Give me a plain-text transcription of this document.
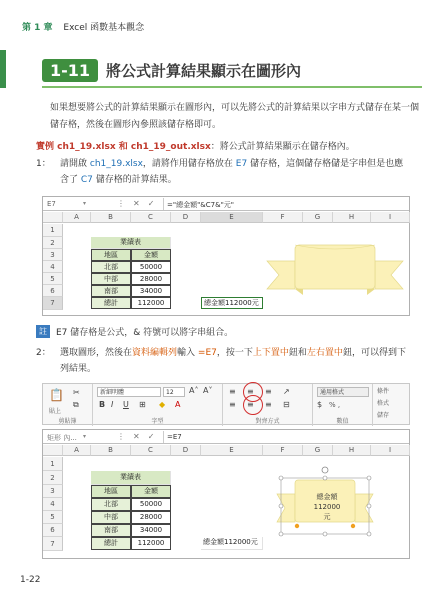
第 1 章 Excel 函數基本觀念
1-11	將公式計算結果顯示在圖形內
如果想要將公式的計算結果顯示在圖形內，可以先將公式的計算結果以字串方式儲存在某一個儲存格，然後在圖形內參照該儲存格即可。
實例 ch1_19.xlsx 和 ch1_19_out.xlsx：將公式計算結果顯示在儲存格內。
1： 請開啟 ch1_19.xlsx，請將作用儲存格放在 E7 儲存格，這個儲存格儲是字串但是也應含了 C7 儲存格的計算結果。
E7	▾	⋮✕✓ ="總金額"&C7&"元"
A	B	C	D	E	F	G	H	I
1
2
3
4
5
6
7
業績表
地區	金額
北部	50000
中部	28000
南部	34000
總計	112000	總金額112000元
註	E7 儲存格是公式，& 符號可以將字串組合。
2： 選取圖形，然後在資料編輯列輸入 =E7，按一下上下置中鈕和左右置中鈕，可以得到下列結果。
📋
貼上
✂
⧉
剪貼簿
新細明體	12	A˄ A˅
B I U ⊞ ◆ A
字型
≡ ≡ ≡ ↗
≡ ≡ ≡ ⊟
對齊方式
通用格式
$ % ,
數值
條件
格式
儲存
矩形 內... ▾	⋮✕✓ =E7
A	B	C	D	E	F	G	H	I
1
2
3
4
5
6
7
業績表
地區	金額
北部	50000
中部	28000
南部	34000
總計	112000	總金額112000元
總金額
112000元
1-22
